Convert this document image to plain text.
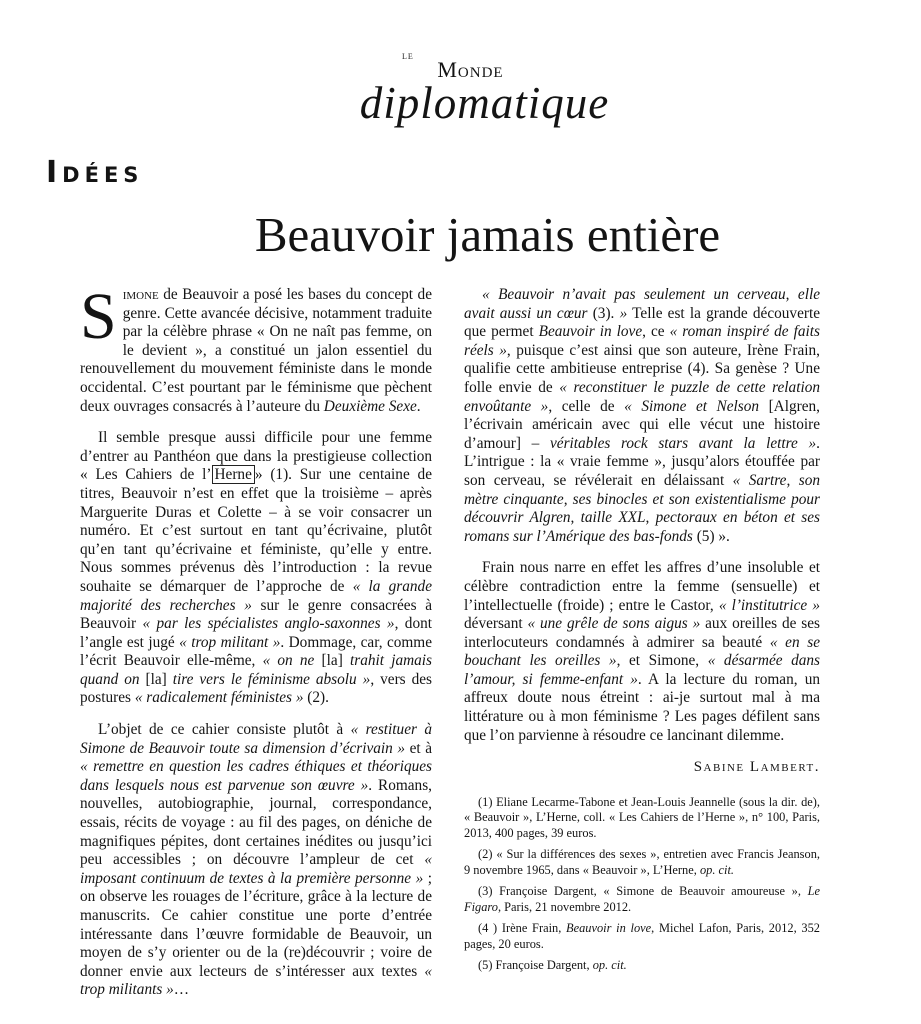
LE
Monde
diplomatique
Idées
Beauvoir jamais entière

Simone de Beauvoir a posé les bases du concept de genre. Cette avancée décisive, notamment traduite par la célèbre phrase « On ne naît pas femme, on le devient », a constitué un jalon essentiel du renouvellement du mouvement féministe dans le monde occidental. C’est pourtant par le féminisme que pèchent deux ouvrages consacrés à l’auteure du Deuxième Sexe.

Il semble presque aussi difficile pour une femme d’entrer au Panthéon que dans la prestigieuse collection « Les Cahiers de l’ Herne » (1). Sur une centaine de titres, Beauvoir n’est en effet que la troisième – après Marguerite Duras et Colette – à se voir consacrer un numéro. Et c’est surtout en tant qu’écrivaine, plutôt qu’en tant qu’écrivaine et féministe, qu’elle y entre. Nous sommes prévenus dès l’introduction : la revue souhaite se démarquer de l’approche de « la grande majorité des recherches » sur le genre consacrées à Beauvoir « par les spécialistes anglo-saxonnes », dont l’angle est jugé « trop militant ». Dommage, car, comme l’écrit Beauvoir elle-même, « on ne [la] trahit jamais quand on [la] tire vers le féminisme absolu », vers des postures « radicalement féministes » (2).

L’objet de ce cahier consiste plutôt à « restituer à Simone de Beauvoir toute sa dimension d’écrivain » et à « remettre en question les cadres éthiques et théoriques dans lesquels nous est parvenue son œuvre ». Romans, nouvelles, autobiographie, journal, correspondance, essais, récits de voyage : au fil des pages, on déniche de magnifiques pépites, dont certaines inédites ou jusqu’ici peu accessibles ; on découvre l’ampleur de cet « imposant continuum de textes à la première personne » ; on observe les rouages de l’écriture, grâce à la lecture de manuscrits. Ce cahier constitue une porte d’entrée intéressante dans l’œuvre formidable de Beauvoir, un moyen de s’y orienter ou de la (re)découvrir ; voire de donner envie aux lecteurs de s’intéresser aux textes « trop militants »…

« Beauvoir n’avait pas seulement un cerveau, elle avait aussi un cœur (3). » Telle est la grande découverte que permet Beauvoir in love, ce « roman inspiré de faits réels », puisque c’est ainsi que son auteure, Irène Frain, qualifie cette ambitieuse entreprise (4). Sa genèse ? Une folle envie de « reconstituer le puzzle de cette relation envoûtante », celle de « Simone et Nelson [Algren, l’écrivain américain avec qui elle vécut une histoire d’amour] – véritables rock stars avant la lettre ». L’intrigue : la « vraie femme », jusqu’alors étouffée par son cerveau, se révélerait en délaissant « Sartre, son mètre cinquante, ses binocles et son existentialisme pour découvrir Algren, taille XXL, pectoraux en béton et ses romans sur l’Amérique des bas-fonds (5) ».

Frain nous narre en effet les affres d’une insoluble et célèbre contradiction entre la femme (sensuelle) et l’intellectuelle (froide) ; entre le Castor, « l’institutrice » déversant « une grêle de sons aigus » aux oreilles de ses interlocuteurs condamnés à admirer sa beauté « en se bouchant les oreilles », et Simone, « désarmée dans l’amour, si femme-enfant ». A la lecture du roman, un affreux doute nous étreint : ai-je surtout mal à ma littérature ou à mon féminisme ? Les pages défilent sans que l’on parvienne à résoudre ce lancinant dilemme.

Sabine Lambert.

(1) Eliane Lecarme-Tabone et Jean-Louis Jeannelle (sous la dir. de), « Beauvoir », L’Herne, coll. « Les Cahiers de l’Herne », n° 100, Paris, 2013, 400 pages, 39 euros.

(2) « Sur la différences des sexes », entretien avec Francis Jeanson, 9 novembre 1965, dans « Beauvoir », L’Herne, op. cit.

(3) Françoise Dargent, « Simone de Beauvoir amoureuse », Le Figaro, Paris, 21 novembre 2012.

(4 ) Irène Frain, Beauvoir in love, Michel Lafon, Paris, 2012, 352 pages, 20 euros.

(5) Françoise Dargent, op. cit.
